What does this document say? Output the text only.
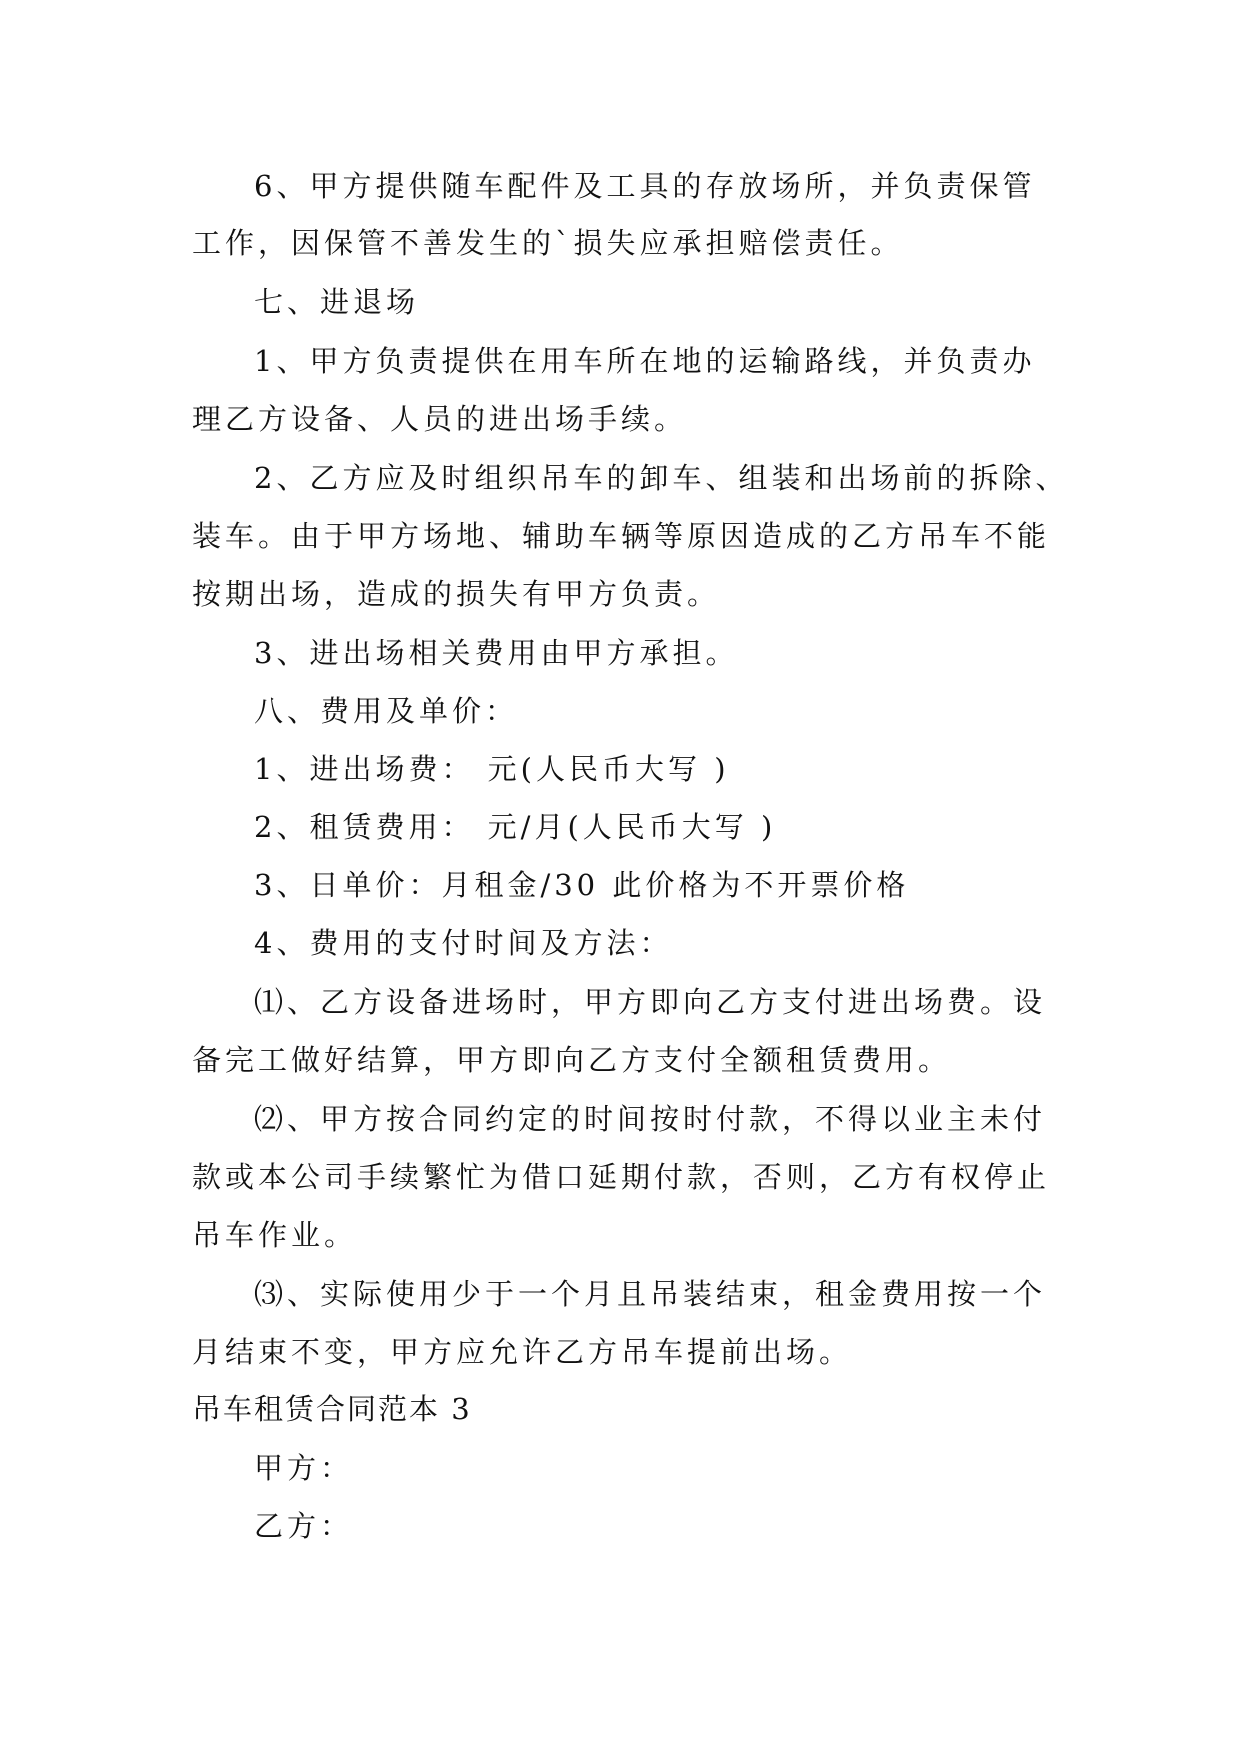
6、甲方提供随车配件及工具的存放场所，并负责保管
工作，因保管不善发生的`损失应承担赔偿责任。
七、进退场
1、甲方负责提供在用车所在地的运输路线，并负责办
理乙方设备、人员的进出场手续。
2、乙方应及时组织吊车的卸车、组装和出场前的拆除、
装车。由于甲方场地、辅助车辆等原因造成的乙方吊车不能
按期出场，造成的损失有甲方负责。
3、进出场相关费用由甲方承担。
八、费用及单价：
1、进出场费： 元(人民币大写 )
2、租赁费用： 元/月(人民币大写 )
3、日单价：月租金/30 此价格为不开票价格
4、费用的支付时间及方法：
⑴、乙方设备进场时，甲方即向乙方支付进出场费。设
备完工做好结算，甲方即向乙方支付全额租赁费用。
⑵、甲方按合同约定的时间按时付款，不得以业主未付
款或本公司手续繁忙为借口延期付款，否则，乙方有权停止
吊车作业。
⑶、实际使用少于一个月且吊装结束，租金费用按一个
月结束不变，甲方应允许乙方吊车提前出场。
吊车租赁合同范本 3
甲方：
乙方：
